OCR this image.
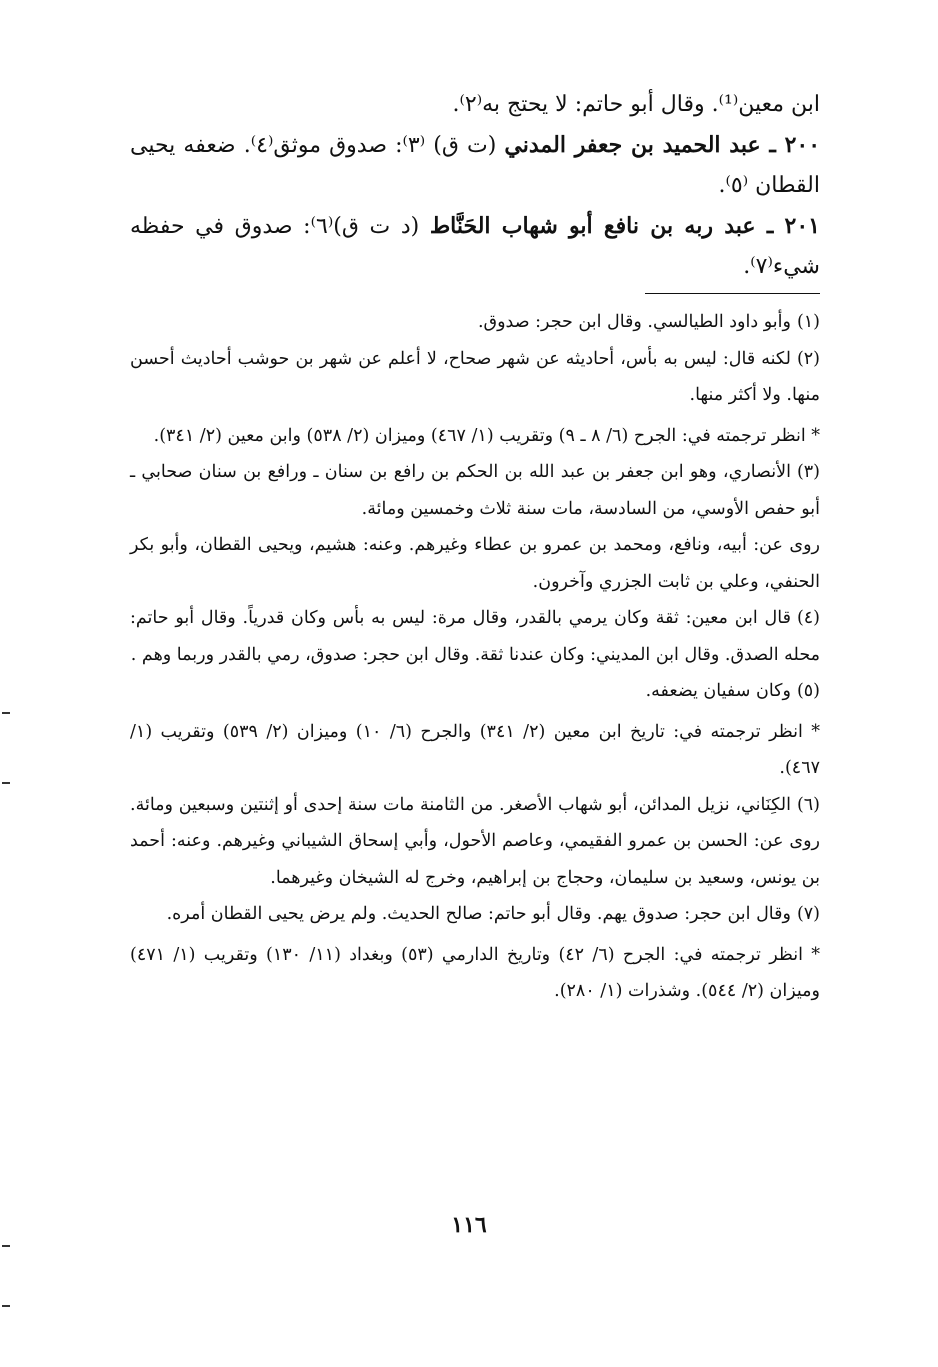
ابن معين⁽¹⁾. وقال أبو حاتم: لا يحتج به⁽٢⁾.

٢٠٠ ـ عبد الحميد بن جعفر المدني (ت ق) ⁽٣⁾: صدوق موثق⁽٤⁾. ضعفه يحيى القطان ⁽٥⁾.

٢٠١ ـ عبد ربه بن نافع أبو شهاب الحَنَّاط (د ت ق)⁽٦⁾: صدوق في حفظه شيء⁽٧⁾.

(١)وأبو داود الطيالسي. وقال ابن حجر: صدوق.

(٢)لكنه قال: ليس به بأس، أحاديثه عن شهر صحاح، لا أعلم عن شهر بن حوشب أحاديث أحسن منها. ولا أكثر منها.

* انظر ترجمته في: الجرح (٦/ ٨ ـ ٩) وتقريب (١/ ٤٦٧) وميزان (٢/ ٥٣٨) وابن معين (٢/ ٣٤١).

(٣)الأنصاري، وهو ابن جعفر بن عبد الله بن الحكم بن رافع بن سنان ـ ورافع بن سنان صحابي ـ أبو حفص الأوسي، من السادسة، مات سنة ثلاث وخمسين ومائة.

روى عن: أبيه، ونافع، ومحمد بن عمرو بن عطاء وغيرهم. وعنه: هشيم، ويحيى القطان، وأبو بكر الحنفي، وعلي بن ثابت الجزري وآخرون.

(٤)قال ابن معين: ثقة وكان يرمي بالقدر، وقال مرة: ليس به بأس وكان قدرياً. وقال أبو حاتم: محله الصدق. وقال ابن المديني: وكان عندنا ثقة. وقال ابن حجر: صدوق، رمي بالقدر وربما وهم .

(٥)وكان سفيان يضعفه.

* انظر ترجمته في: تاريخ ابن معين (٢/ ٣٤١) والجرح (٦/ ١٠) وميزان (٢/ ٥٣٩) وتقريب (١/ ٤٦٧).

(٦)الكِنَاني، نزيل المدائن، أبو شهاب الأصغر. من الثامنة مات سنة إحدى أو إثنتين وسبعين ومائة. روى عن: الحسن بن عمرو الفقيمي، وعاصم الأحول، وأبي إسحاق الشيباني وغيرهم. وعنه: أحمد بن يونس، وسعيد بن سليمان، وحجاج بن إبراهيم، وخرج له الشيخان وغيرهما.

(٧)وقال ابن حجر: صدوق يهم. وقال أبو حاتم: صالح الحديث. ولم يرض يحيى القطان أمره.

* انظر ترجمته في: الجرح (٦/ ٤٢) وتاريخ الدارمي (٥٣) وبغداد (١١/ ١٣٠) وتقريب (١/ ٤٧١) وميزان (٢/ ٥٤٤). وشذرات (١/ ٢٨٠).

١١٦
